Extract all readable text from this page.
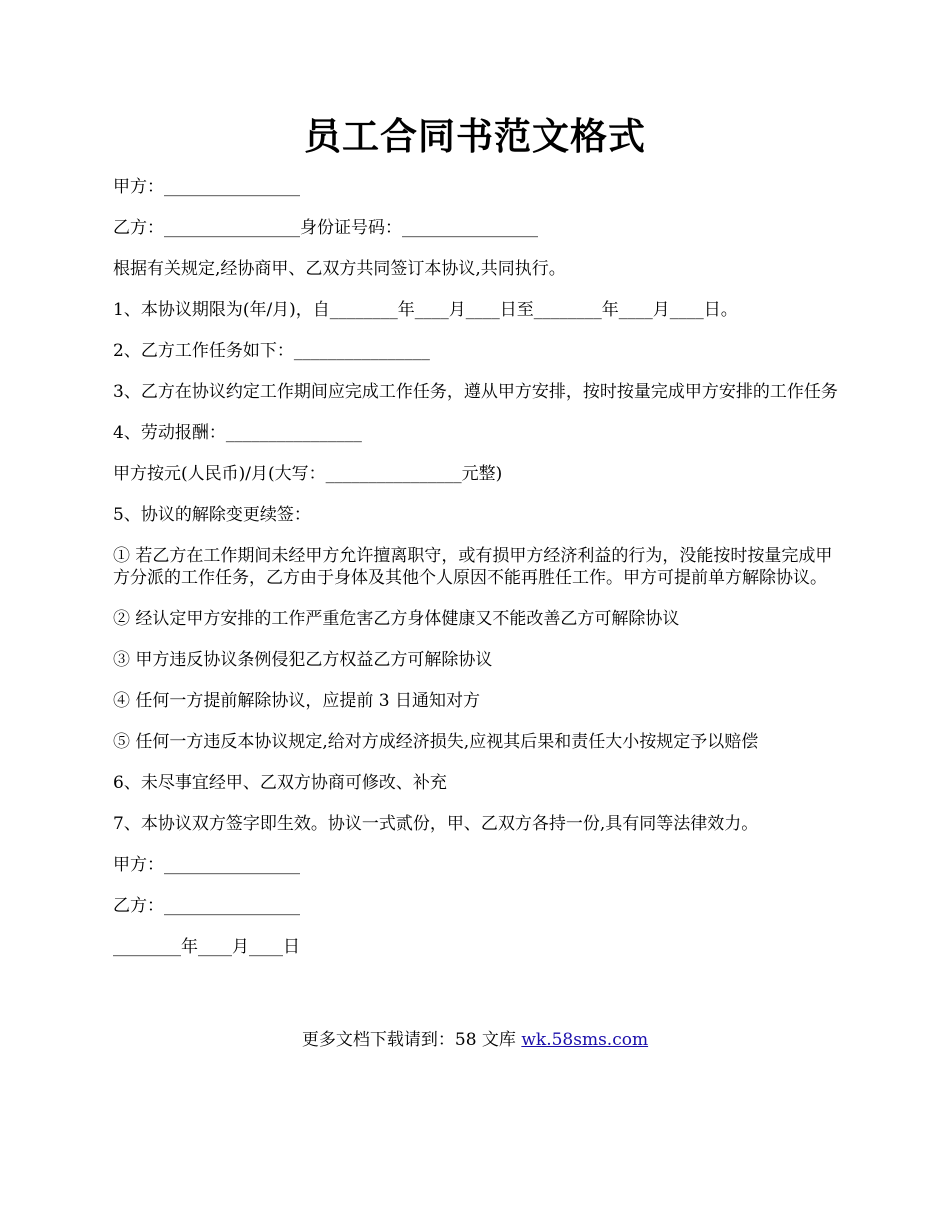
员工合同书范文格式

甲方：________________

乙方：________________身份证号码：________________

根据有关规定,经协商甲、乙双方共同签订本协议,共同执行。

1、本协议期限为(年/月)，自________年____月____日至________年____月____日。

2、乙方工作任务如下：________________

3、乙方在协议约定工作期间应完成工作任务，遵从甲方安排，按时按量完成甲方安排的工作任务

4、劳动报酬：________________

甲方按元(人民币)/月(大写：________________元整)

5、协议的解除变更续签：

① 若乙方在工作期间未经甲方允许擅离职守，或有损甲方经济利益的行为，没能按时按量完成甲方分派的工作任务，乙方由于身体及其他个人原因不能再胜任工作。甲方可提前单方解除协议。

② 经认定甲方安排的工作严重危害乙方身体健康又不能改善乙方可解除协议

③ 甲方违反协议条例侵犯乙方权益乙方可解除协议

④ 任何一方提前解除协议，应提前 3 日通知对方

⑤ 任何一方违反本协议规定,给对方成经济损失,应视其后果和责任大小按规定予以赔偿

6、未尽事宜经甲、乙双方协商可修改、补充

7、本协议双方签字即生效。协议一式贰份，甲、乙双方各持一份,具有同等法律效力。

甲方：________________

乙方：________________

________年____月____日

更多文档下载请到：58 文库 wk.58sms.com
